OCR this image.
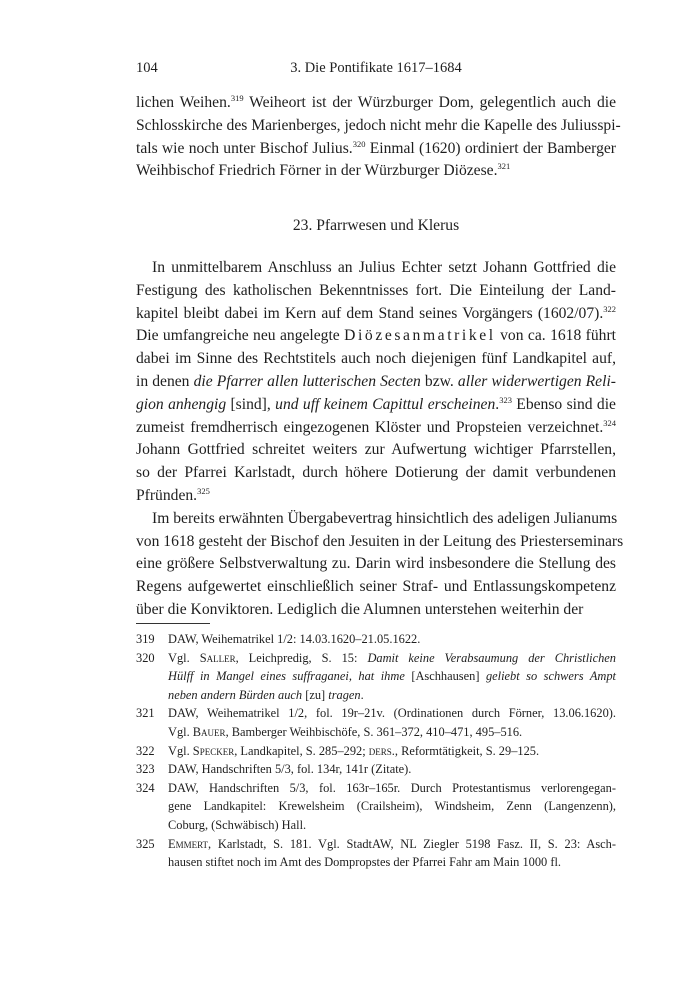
104	3. Die Pontifikate 1617–1684
lichen Weihen.$^{319}$ Weiheort ist der Würzburger Dom, gelegentlich auch die
Schlosskirche des Marienberges, jedoch nicht mehr die Kapelle des Juliusspi-
tals wie noch unter Bischof Julius.$^{320}$ Einmal (1620) ordiniert der Bamberger
Weihbischof Friedrich Förner in der Würzburger Diözese.$^{321}$
23. Pfarrwesen und Klerus
In unmittelbarem Anschluss an Julius Echter setzt Johann Gottfried die
Festigung des katholischen Bekenntnisses fort. Die Einteilung der Land-
kapitel bleibt dabei im Kern auf dem Stand seines Vorgängers (1602/07).$^{322}$
Die umfangreiche neu angelegte Diözesanmatrikel von ca. 1618 führt
dabei im Sinne des Rechtstitels auch noch diejenigen fünf Landkapitel auf,
in denen die Pfarrer allen lutterischen Secten bzw. aller widerwertigen Reli-
gion anhengig [sind], und uff keinem Capittul erscheinen.$^{323}$ Ebenso sind die
zumeist fremdherrisch eingezogenen Klöster und Propsteien verzeichnet.$^{324}$
Johann Gottfried schreitet weiters zur Aufwertung wichtiger Pfarrstellen,
so der Pfarrei Karlstadt, durch höhere Dotierung der damit verbundenen
Pfründen.$^{325}$
Im bereits erwähnten Übergabevertrag hinsichtlich des adeligen Julianums
von 1618 gesteht der Bischof den Jesuiten in der Leitung des Priesterseminars
eine größere Selbstverwaltung zu. Darin wird insbesondere die Stellung des
Regens aufgewertet einschließlich seiner Straf- und Entlassungskompetenz
über die Konviktoren. Lediglich die Alumnen unterstehen weiterhin der
319 DAW, Weihematrikel 1/2: 14.03.1620–21.05.1622.
320 Vgl. Saller, Leichpredig, S. 15: Damit keine Verabsaumung der Christlichen
Hülff in Mangel eines suffraganei, hat ihme [Aschhausen] geliebt so schwers Ampt
neben andern Bürden auch [zu] tragen.
321 DAW, Weihematrikel 1/2, fol. 19r–21v. (Ordinationen durch Förner, 13.06.1620).
Vgl. Bauer, Bamberger Weihbischöfe, S. 361–372, 410–471, 495–516.
322 Vgl. Specker, Landkapitel, S. 285–292; ders., Reformtätigkeit, S. 29–125.
323 DAW, Handschriften 5/3, fol. 134r, 141r (Zitate).
324 DAW, Handschriften 5/3, fol. 163r–165r. Durch Protestantismus verlorengegan-
gene Landkapitel: Krewelsheim (Crailsheim), Windsheim, Zenn (Langenzenn),
Coburg, (Schwäbisch) Hall.
325 Emmert, Karlstadt, S. 181. Vgl. StadtAW, NL Ziegler 5198 Fasz. II, S. 23: Asch-
hausen stiftet noch im Amt des Dompropstes der Pfarrei Fahr am Main 1000 fl.
